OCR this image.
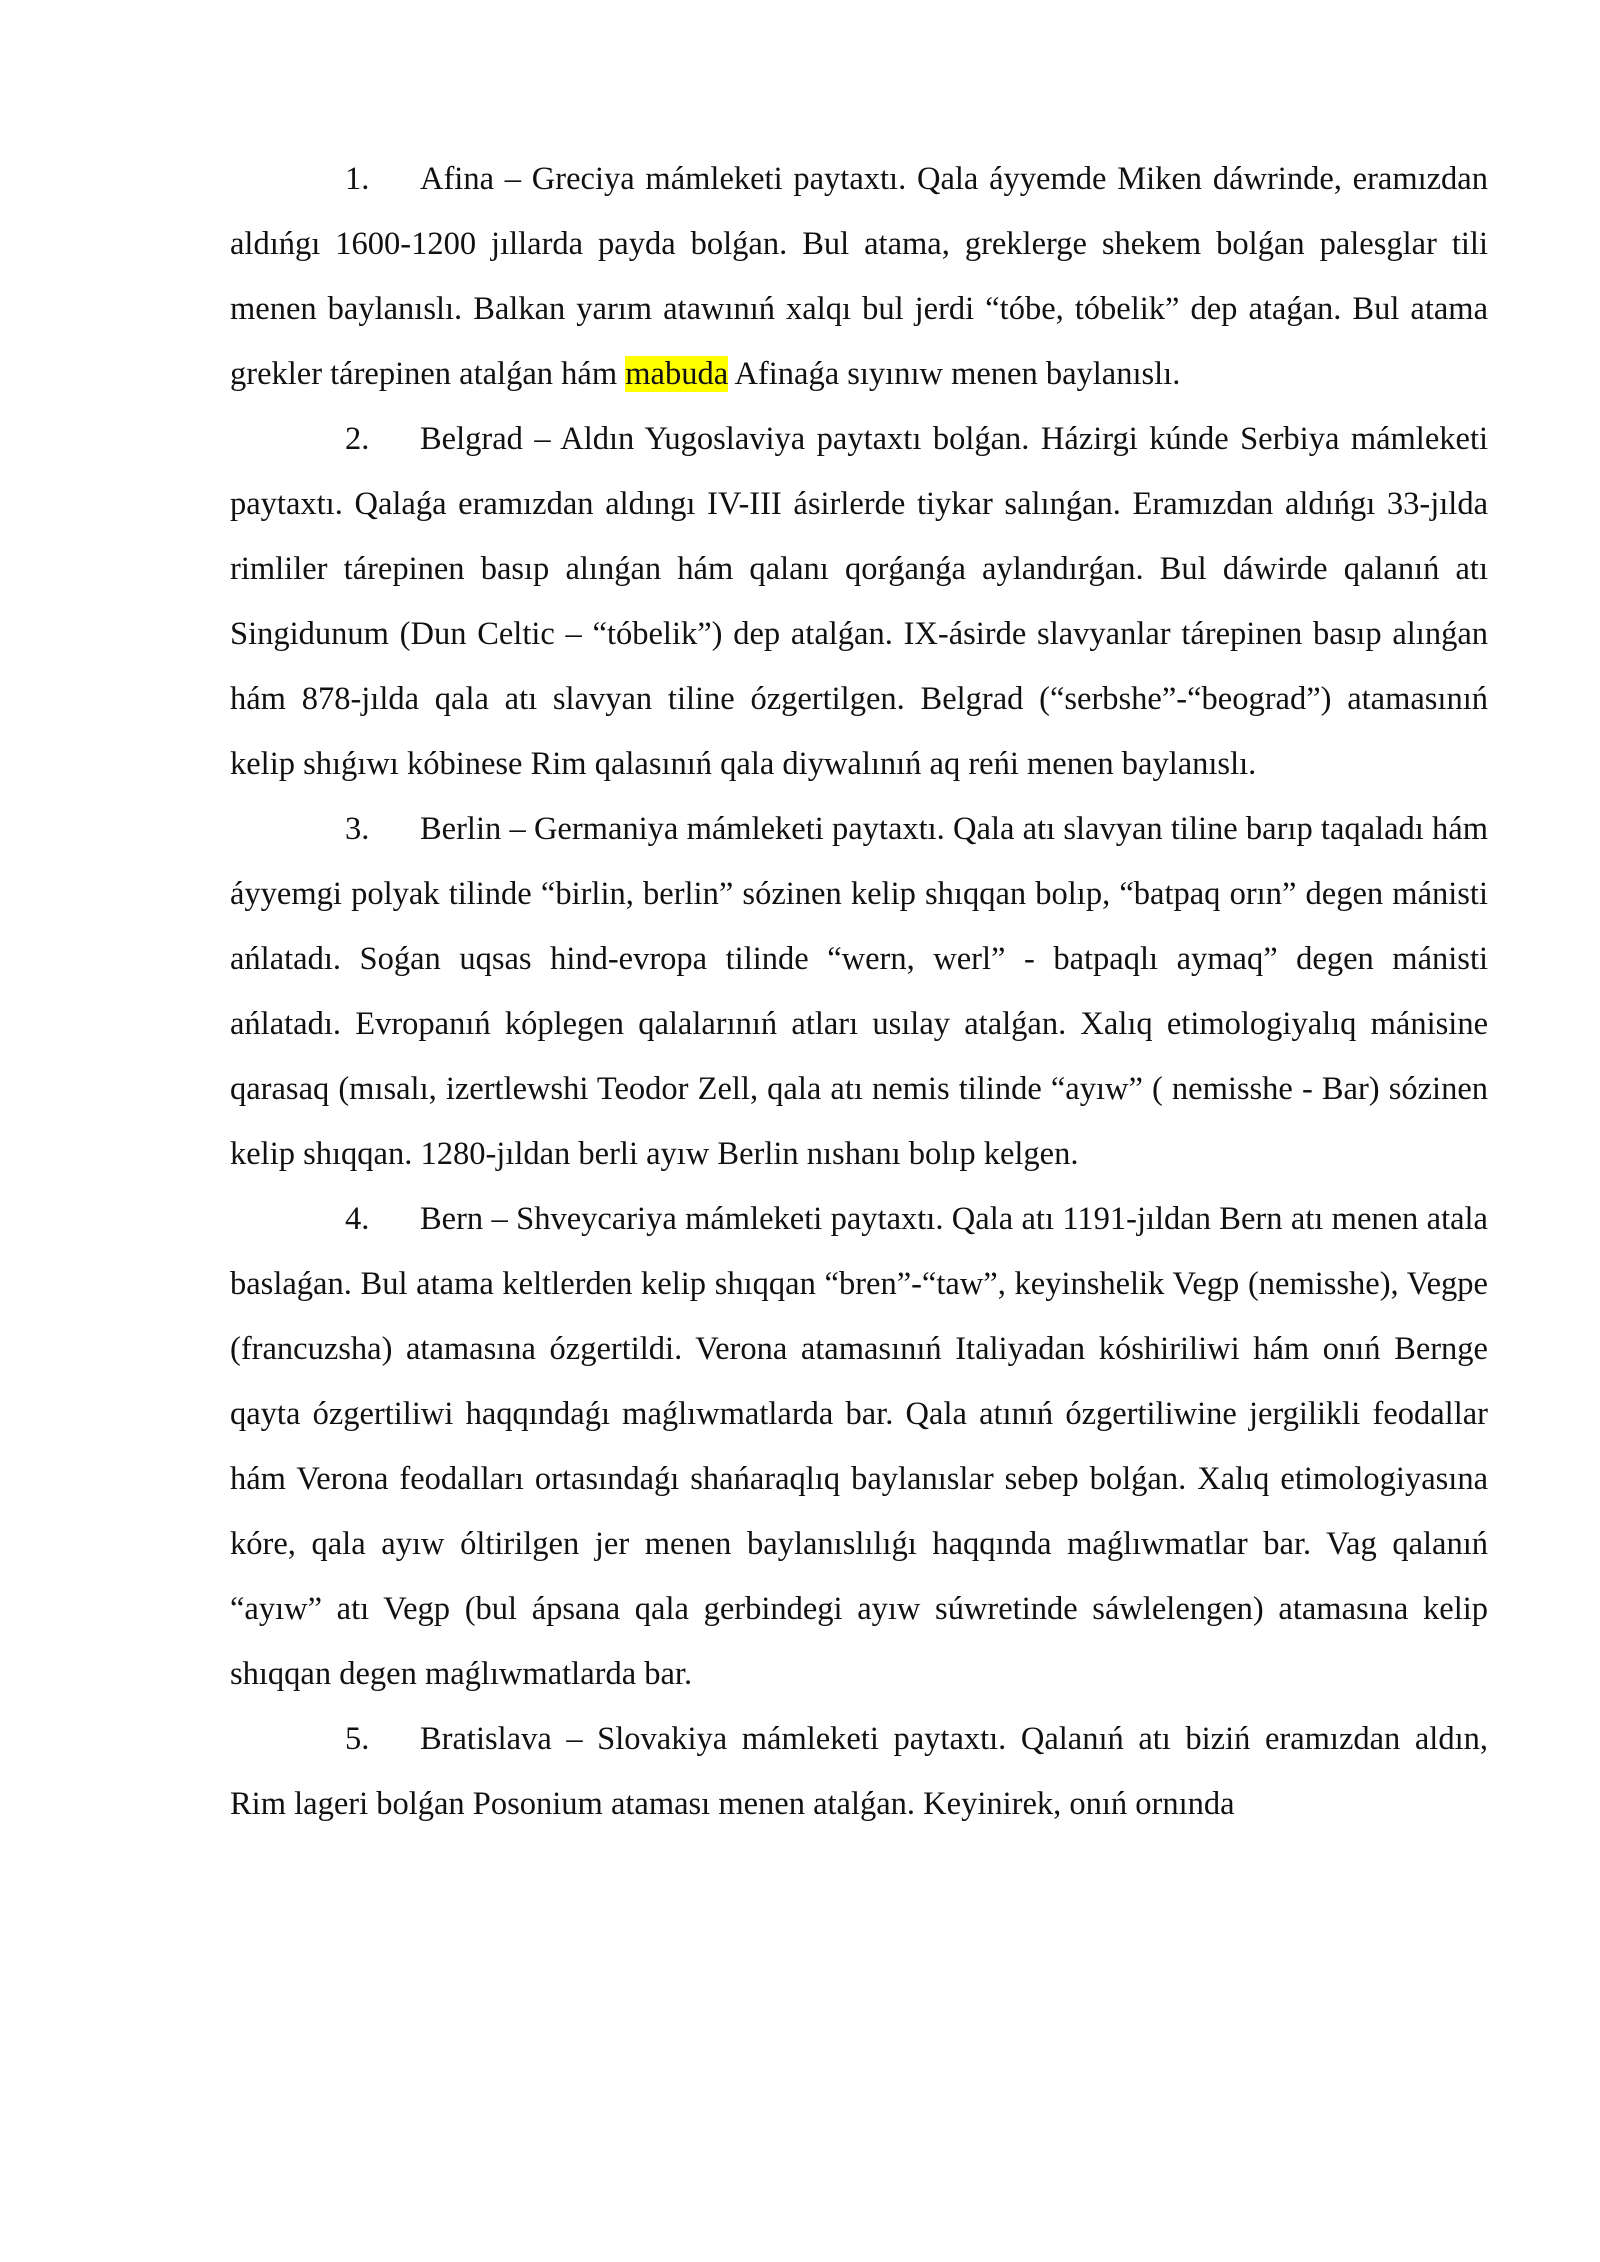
1. Afina – Greciya mámleketi paytaxtı. Qala áyyemde Miken dáwrinde, eramızdan aldıńgı 1600-1200 jıllarda payda bolǵan. Bul atama, greklerge shekem bolǵan palesglar tili menen baylanıslı. Balkan yarım atawınıń xalqı bul jerdi “tóbe, tóbelik” dep ataǵan. Bul atama grekler tárepinen atalǵan hám mabuda Afinaǵa sıyınıw menen baylanıslı.

2. Belgrad – Aldın Yugoslaviya paytaxtı bolǵan. Házirgi kúnde Serbiya mámleketi paytaxtı. Qalaǵa eramızdan aldıngı IV-III ásirlerde tiykar salınǵan. Eramızdan aldıńgı 33-jılda rimliler tárepinen basıp alınǵan hám qalanı qorǵanǵa aylandırǵan. Bul dáwirde qalanıń atı Singidunum (Dun Celtic – “tóbelik”) dep atalǵan. IX-ásirde slavyanlar tárepinen basıp alınǵan hám 878-jılda qala atı slavyan tiline ózgertilgen. Belgrad (“serbshe”-“beograd”) atamasınıń kelip shıǵıwı kóbinese Rim qalasınıń qala diywalınıń aq reńi menen baylanıslı.

3. Berlin – Germaniya mámleketi paytaxtı. Qala atı slavyan tiline barıp taqaladı hám áyyemgi polyak tilinde “birlin, berlin” sózinen kelip shıqqan bolıp, “batpaq orın” degen mánisti ańlatadı. Soǵan uqsas hind-evropa tilinde “wern, werl” - batpaqlı aymaq” degen mánisti ańlatadı. Evropanıń kóplegen qalalarınıń atları usılay atalǵan. Xalıq etimologiyalıq mánisine qarasaq (mısalı, izertlewshi Teodor Zell, qala atı nemis tilinde “ayıw” ( nemisshe - Bar) sózinen kelip shıqqan. 1280-jıldan berli ayıw Berlin nıshanı bolıp kelgen.

4. Bern – Shveycariya mámleketi paytaxtı. Qala atı 1191-jıldan Bern atı menen atala baslaǵan. Bul atama keltlerden kelip shıqqan “bren”-“taw”, keyinshelik Vegp (nemisshe), Vegpe (francuzsha) atamasına ózgertildi. Verona atamasınıń Italiyadan kóshiriliwi hám onıń Bernge qayta ózgertiliwi haqqındaǵı maǵlıwmatlarda bar. Qala atınıń ózgertiliwine jergilikli feodallar hám Verona feodalları ortasındaǵı shańaraqlıq baylanıslar sebep bolǵan. Xalıq etimologiyasına kóre, qala ayıw óltirilgen jer menen baylanıslılıǵı haqqında maǵlıwmatlar bar. Vag qalanıń “ayıw” atı Vegp (bul ápsana qala gerbindegi ayıw súwretinde sáwlelengen) atamasına kelip shıqqan degen maǵlıwmatlarda bar.

5. Bratislava – Slovakiya mámleketi paytaxtı. Qalanıń atı biziń eramızdan aldın, Rim lageri bolǵan Posonium ataması menen atalǵan. Keyinirek, onıń ornında
